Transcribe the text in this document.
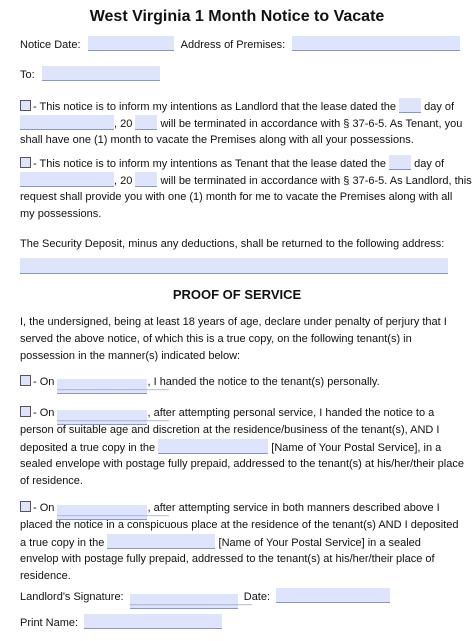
West Virginia 1 Month Notice to Vacate
Notice Date:	Address of Premises:
To:
- This notice is to inform my intentions as Landlord that the lease dated the	day of
, 20	will be terminated in accordance with § 37-6-5. As Tenant, you
shall have one (1) month to vacate the Premises along with all your possessions.
- This notice is to inform my intentions as Tenant that the lease dated the	day of
, 20	will be terminated in accordance with § 37-6-5. As Landlord, this
request shall provide you with one (1) month for me to vacate the Premises along with all
my possessions.
The Security Deposit, minus any deductions, shall be returned to the following address:
PROOF OF SERVICE
I, the undersigned, being at least 18 years of age, declare under penalty of perjury that I served the above notice, of which this is a true copy, on the following tenant(s) in possession in the manner(s) indicated below:
- On ____________________, I handed the notice to the tenant(s) personally.
- On ____________________, after attempting personal service, I handed the notice to a
person of suitable age and discretion at the residence/business of the tenant(s), AND I
deposited a true copy in the	[Name of Your Postal Service], in a
sealed envelope with postage fully prepaid, addressed to the tenant(s) at his/her/their place
of residence.
- On ____________________, after attempting service in both manners described above I
placed the notice in a conspicuous place at the residence of the tenant(s) AND I deposited
a true copy in the	[Name of Your Postal Service] in a sealed
envelop with postage fully prepaid, addressed to the tenant(s) at his/her/their place of
residence.
Landlord's Signature: ______________________ Date:
Print Name:
